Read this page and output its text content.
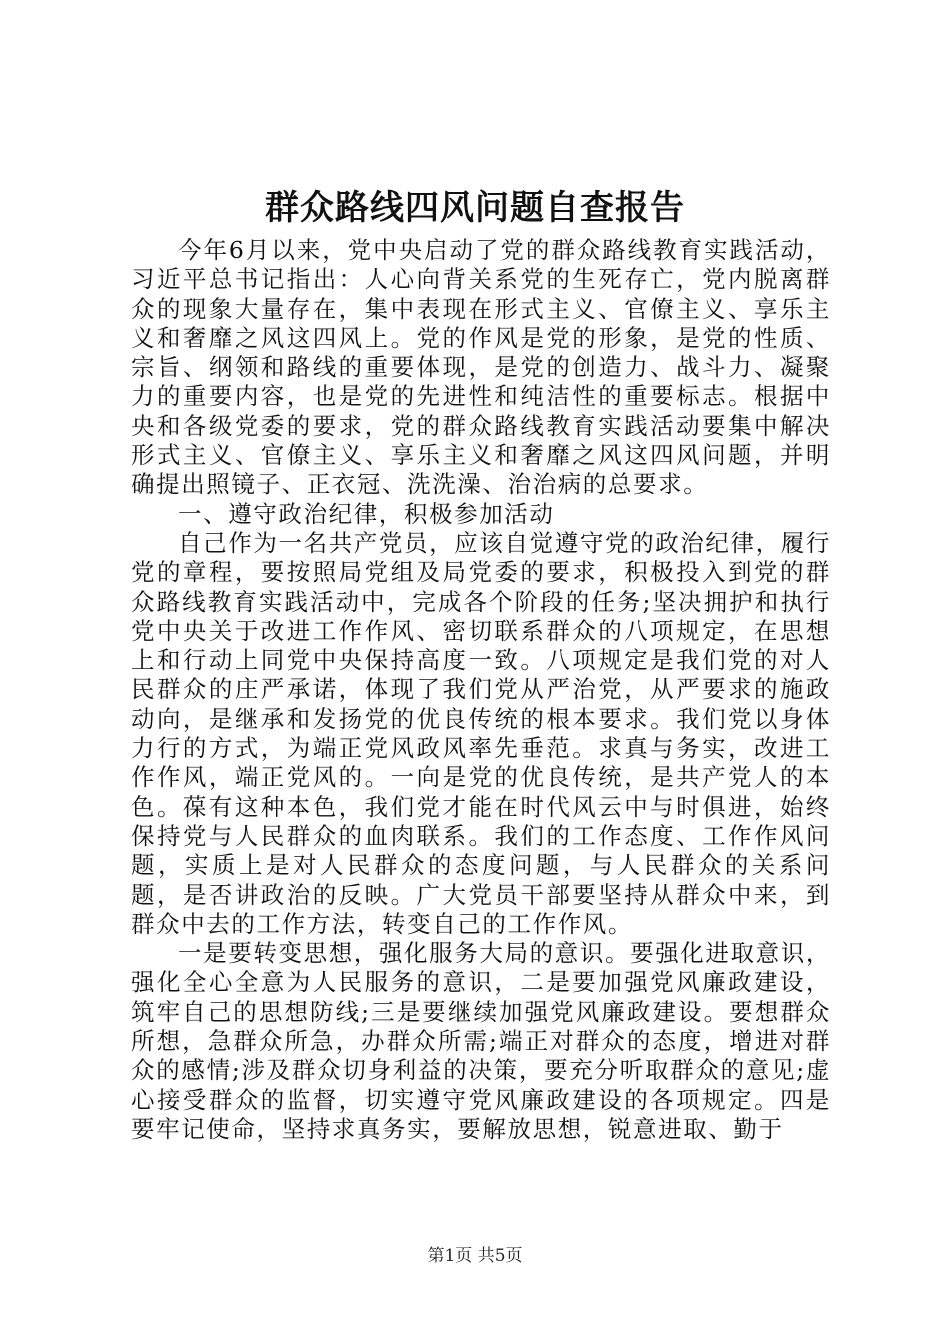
群众路线四风问题自查报告

今年6月以来，党中央启动了党的群众路线教育实践活动，习近平总书记指出：人心向背关系党的生死存亡，党内脱离群众的现象大量存在，集中表现在形式主义、官僚主义、享乐主义和奢靡之风这四风上。党的作风是党的形象，是党的性质、宗旨、纲领和路线的重要体现，是党的创造力、战斗力、凝聚力的重要内容，也是党的先进性和纯洁性的重要标志。根据中央和各级党委的要求，党的群众路线教育实践活动要集中解决形式主义、官僚主义、享乐主义和奢靡之风这四风问题，并明确提出照镜子、正衣冠、洗洗澡、治治病的总要求。

一、遵守政治纪律，积极参加活动

自己作为一名共产党员，应该自觉遵守党的政治纪律，履行党的章程，要按照局党组及局党委的要求，积极投入到党的群众路线教育实践活动中，完成各个阶段的任务;坚决拥护和执行党中央关于改进工作作风、密切联系群众的八项规定，在思想上和行动上同党中央保持高度一致。八项规定是我们党的对人民群众的庄严承诺，体现了我们党从严治党，从严要求的施政动向，是继承和发扬党的优良传统的根本要求。我们党以身体力行的方式，为端正党风政风率先垂范。求真与务实，改进工作作风，端正党风的。一向是党的优良传统，是共产党人的本色。葆有这种本色，我们党才能在时代风云中与时俱进，始终保持党与人民群众的血肉联系。我们的工作态度、工作作风问题，实质上是对人民群众的态度问题，与人民群众的关系问题，是否讲政治的反映。广大党员干部要坚持从群众中来，到群众中去的工作方法，转变自己的工作作风。

一是要转变思想，强化服务大局的意识。要强化进取意识，强化全心全意为人民服务的意识，二是要加强党风廉政建设，筑牢自己的思想防线;三是要继续加强党风廉政建设。要想群众所想，急群众所急，办群众所需;端正对群众的态度，增进对群众的感情;涉及群众切身利益的决策，要充分听取群众的意见;虚心接受群众的监督，切实遵守党风廉政建设的各项规定。四是要牢记使命，坚持求真务实，要解放思想，锐意进取、勤于

第1页 共5页
